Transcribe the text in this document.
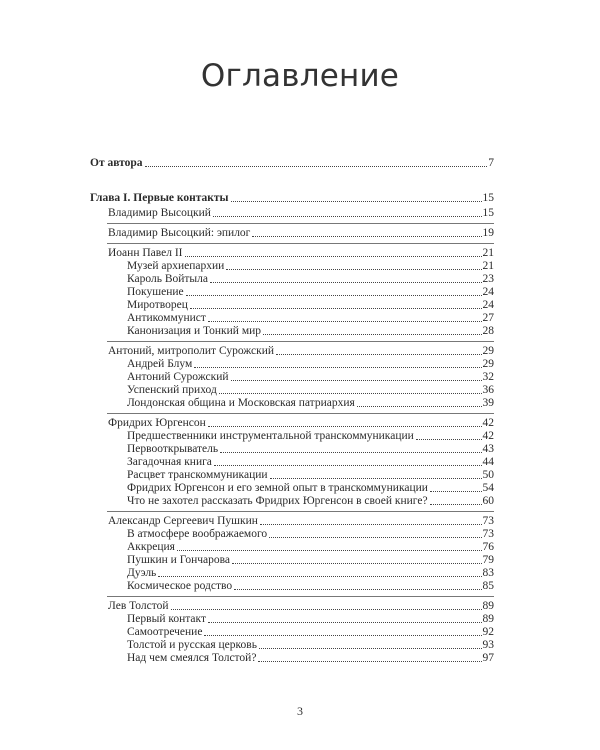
Оглавление
От автора	7
Глава I. Первые контакты	15
Владимир Высоцкий	15
Владимир Высоцкий: эпилог	19
Иоанн Павел II	21
Музей архиепархии	21
Кароль Войтыла	23
Покушение	24
Миротворец	24
Антикоммунист	27
Канонизация и Тонкий мир	28
Антоний, митрополит Сурожский	29
Андрей Блум	29
Антоний Сурожский	32
Успенский приход	36
Лондонская община и Московская патриархия	39
Фридрих Юргенсон	42
Предшественники инструментальной транскоммуникации	42
Первооткрыватель	43
Загадочная книга	44
Расцвет транскоммуникации	50
Фридрих Юргенсон и его земной опыт в транскоммуникации	54
Что не захотел рассказать Фридрих Юргенсон в своей книге?	60
Александр Сергеевич Пушкин	73
В атмосфере воображаемого	73
Аккреция	76
Пушкин и Гончарова	79
Дуэль	83
Космическое родство	85
Лев Толстой	89
Первый контакт	89
Самоотречение	92
Толстой и русская церковь	93
Над чем смеялся Толстой?	97
3
